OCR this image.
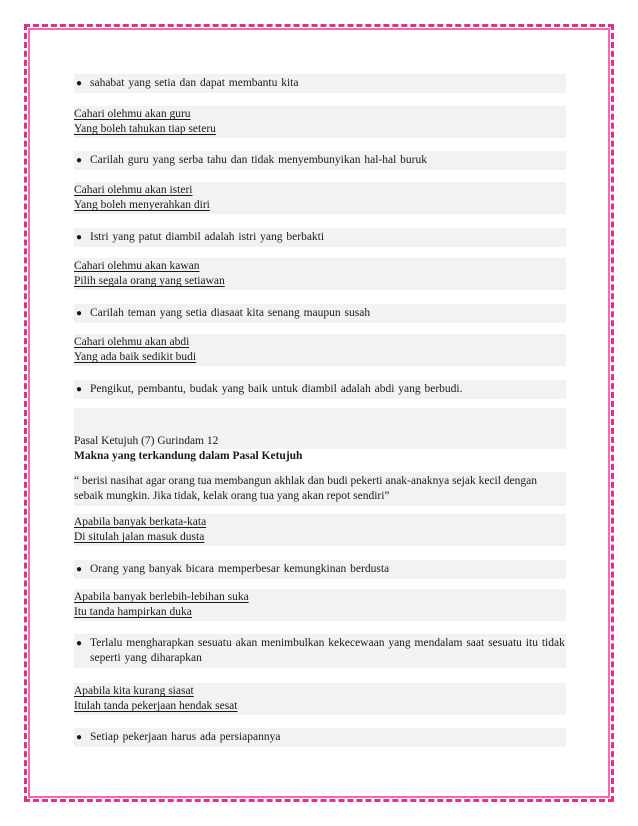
● sahabat yang setia dan dapat membantu kita
Cahari olehmu akan guru
Yang boleh tahukan tiap seteru
● Carilah guru yang serba tahu dan tidak menyembunyikan hal-hal buruk
Cahari olehmu akan isteri
Yang boleh menyerahkan diri
● Istri yang patut diambil adalah istri yang berbakti
Cahari olehmu akan kawan
Pilih segala orang yang setiawan
● Carilah teman yang setia diasaat kita senang maupun susah
Cahari olehmu akan abdi
Yang ada baik sedikit budi
● Pengikut, pembantu, budak yang baik untuk diambil adalah abdi yang berbudi.
Pasal Ketujuh (7) Gurindam 12
Makna yang terkandung dalam Pasal Ketujuh
“ berisi nasihat agar orang tua membangun akhlak dan budi pekerti anak-anaknya sejak kecil dengan sebaik mungkin. Jika tidak, kelak orang tua yang akan repot sendiri”
Apabila banyak berkata-kata
Di situlah jalan masuk dusta
● Orang yang banyak bicara memperbesar kemungkinan berdusta
Apabila banyak berlebih-lebihan suka
Itu tanda hampirkan duka
● Terlalu mengharapkan sesuatu akan menimbulkan kekecewaan yang mendalam saat sesuatu itu tidak seperti yang diharapkan
Apabila kita kurang siasat
Itulah tanda pekerjaan hendak sesat
● Setiap pekerjaan harus ada persiapannya
